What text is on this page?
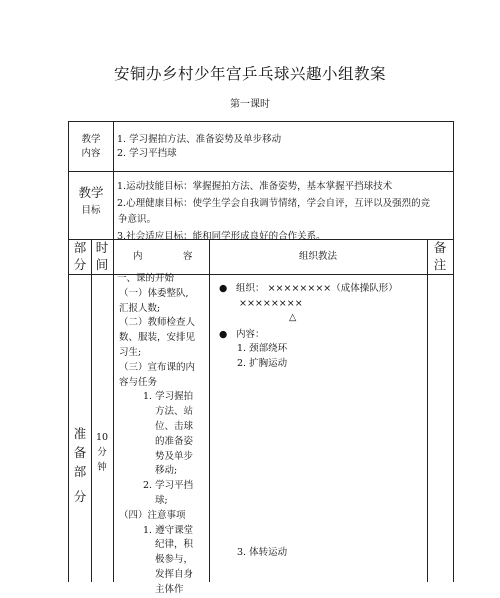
安铜办乡村少年宫乒乓球兴趣小组教案
第一课时
教学
内容
1. 学习握拍方法、准备姿势及单步移动
2. 学习平挡球
教学
目标
1.运动技能目标：掌握握拍方法、准备姿势，基本掌握平挡球技术
2.心理健康目标：使学生学会自我调节情绪，学会自评，互评以及强烈的竞
争意识。
3.社会适应目标：能和同学形成良好的合作关系。
部
分
时
间
内	容	组织教法
备
注
准
备
部
分
10
分
钟
一、课的开始
（一）体委整队,
汇报人数;
（二）教师检查人
数、服装，安排见
习生;
（三）宣布课的内
容与任务
1. 学习握拍
方法、站
位、击球
的准备姿
势及单步
移动;
2. 学习平挡
球;
（四）注意事项
1. 遵守课堂
纪律，积
极参与，
发挥自身
主体作
● 组织： ××××××××（成体操队形）
××××××××
△
● 内容：
1. 颈部绕环
2. 扩胸运动
3. 体转运动
